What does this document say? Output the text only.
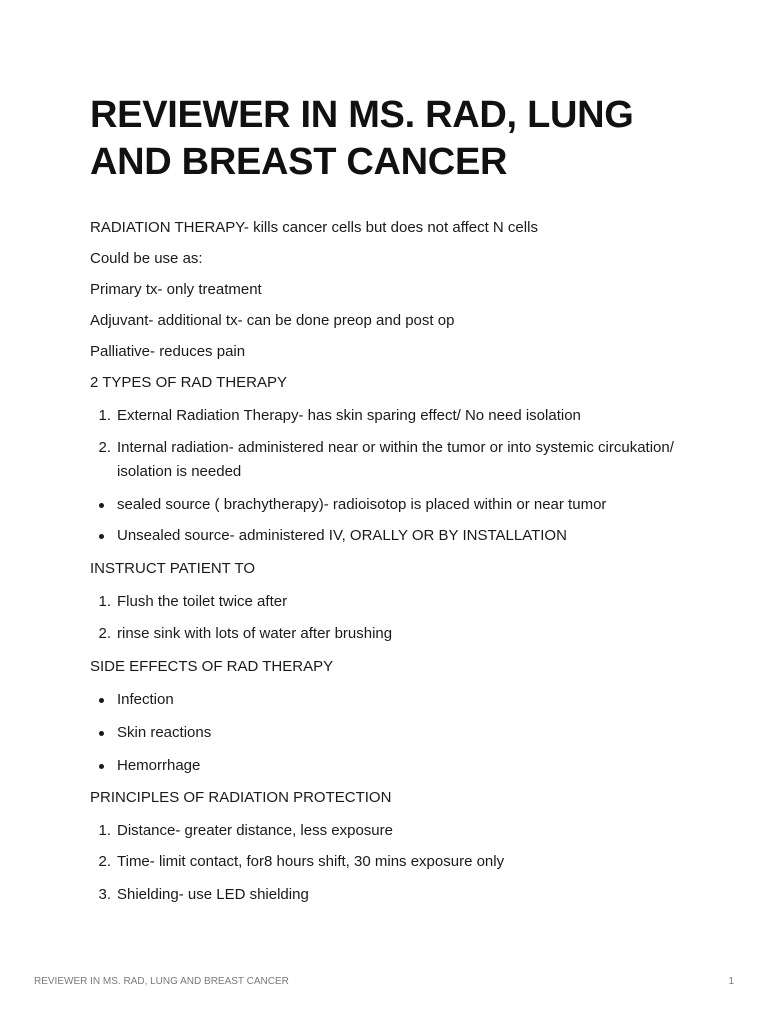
REVIEWER IN MS. RAD, LUNG AND BREAST CANCER

RADIATION THERAPY- kills cancer cells but does not affect N cells

Could be use as:

Primary tx- only treatment

Adjuvant- additional tx- can be done preop and post op

Palliative- reduces pain

2 TYPES OF RAD THERAPY

1. External Radiation Therapy- has skin sparing effect/ No need isolation
2. Internal radiation- administered near or within the tumor or into systemic circukation/ isolation is needed
sealed source ( brachytherapy)- radioisotop is placed within or near tumor
Unsealed source- administered IV, ORALLY OR BY INSTALLATION

INSTRUCT PATIENT TO

1. Flush the toilet twice after
2. rinse sink with lots of water after brushing

SIDE EFFECTS OF RAD THERAPY

Infection
Skin reactions
Hemorrhage

PRINCIPLES OF RADIATION PROTECTION

1. Distance- greater distance, less exposure
2. Time- limit contact, for8 hours shift, 30 mins exposure only
3. Shielding- use LED shielding
REVIEWER IN MS. RAD, LUNG AND BREAST CANCER	1
